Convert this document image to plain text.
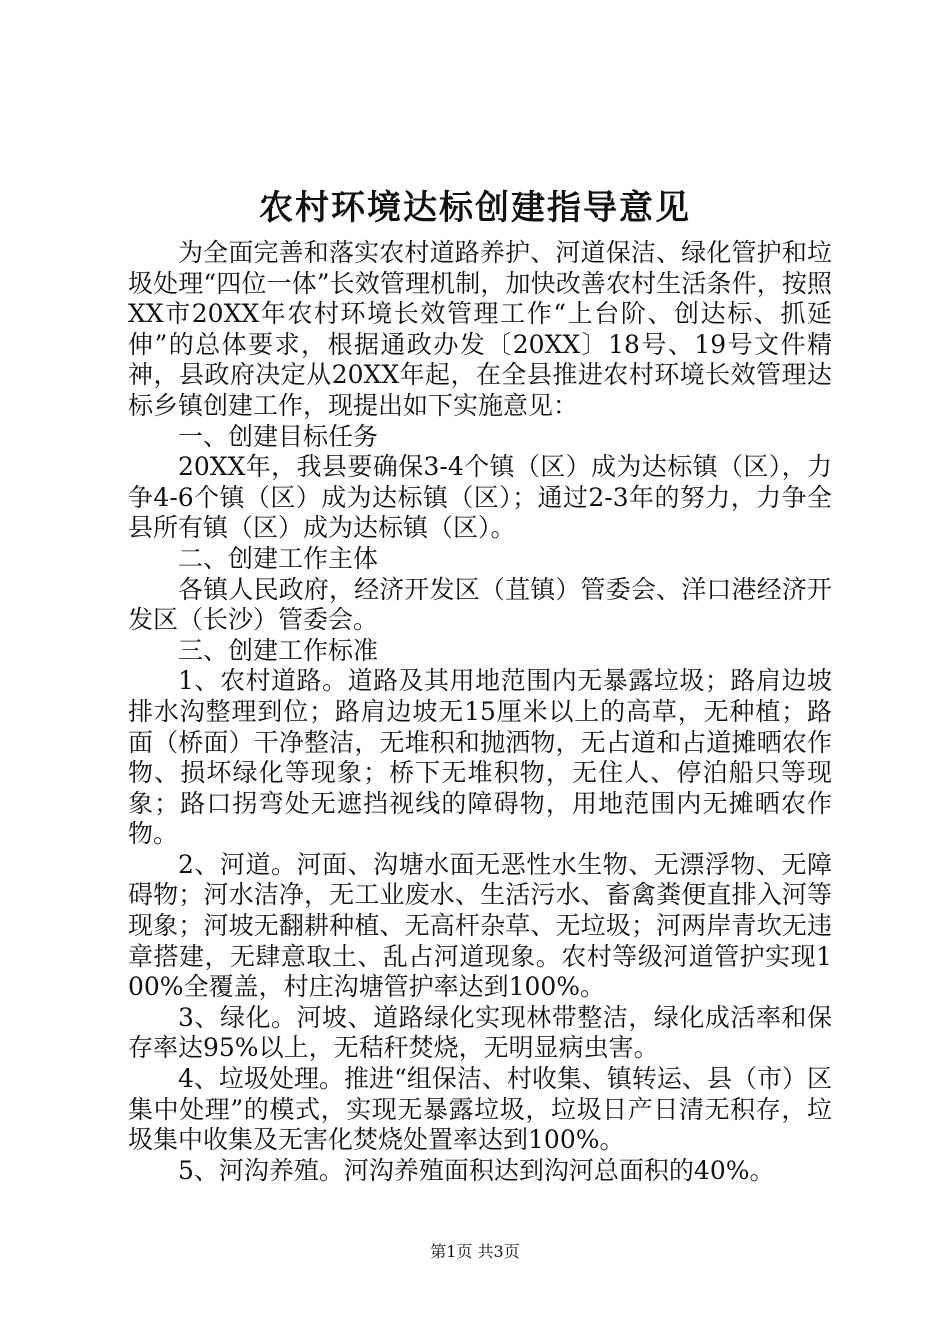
农村环境达标创建指导意见

为全面完善和落实农村道路养护、河道保洁、绿化管护和垃圾处理“四位一体”长效管理机制，加快改善农村生活条件，按照XX市20XX年农村环境长效管理工作“上台阶、创达标、抓延伸”的总体要求，根据通政办发〔20XX〕18号、19号文件精神，县政府决定从20XX年起，在全县推进农村环境长效管理达标乡镇创建工作，现提出如下实施意见：

一、创建目标任务

20XX年，我县要确保3-4个镇（区）成为达标镇（区），力争4-6个镇（区）成为达标镇（区）；通过2-3年的努力，力争全县所有镇（区）成为达标镇（区）。

二、创建工作主体

各镇人民政府，经济开发区（苴镇）管委会、洋口港经济开发区（长沙）管委会。

三、创建工作标准

1、农村道路。道路及其用地范围内无暴露垃圾；路肩边坡排水沟整理到位；路肩边坡无15厘米以上的高草，无种植；路面（桥面）干净整洁，无堆积和抛洒物，无占道和占道摊晒农作物、损坏绿化等现象；桥下无堆积物，无住人、停泊船只等现象；路口拐弯处无遮挡视线的障碍物，用地范围内无摊晒农作物。

2、河道。河面、沟塘水面无恶性水生物、无漂浮物、无障碍物；河水洁净，无工业废水、生活污水、畜禽粪便直排入河等现象；河坡无翻耕种植、无高杆杂草、无垃圾；河两岸青坎无违章搭建，无肆意取土、乱占河道现象。农村等级河道管护实现100%全覆盖，村庄沟塘管护率达到100%。

3、绿化。河坡、道路绿化实现林带整洁，绿化成活率和保存率达95%以上，无秸秆焚烧，无明显病虫害。

4、垃圾处理。推进“组保洁、村收集、镇转运、县（市）区集中处理”的模式，实现无暴露垃圾，垃圾日产日清无积存，垃圾集中收集及无害化焚烧处置率达到100%。

5、河沟养殖。河沟养殖面积达到沟河总面积的40%。

第1页 共3页
